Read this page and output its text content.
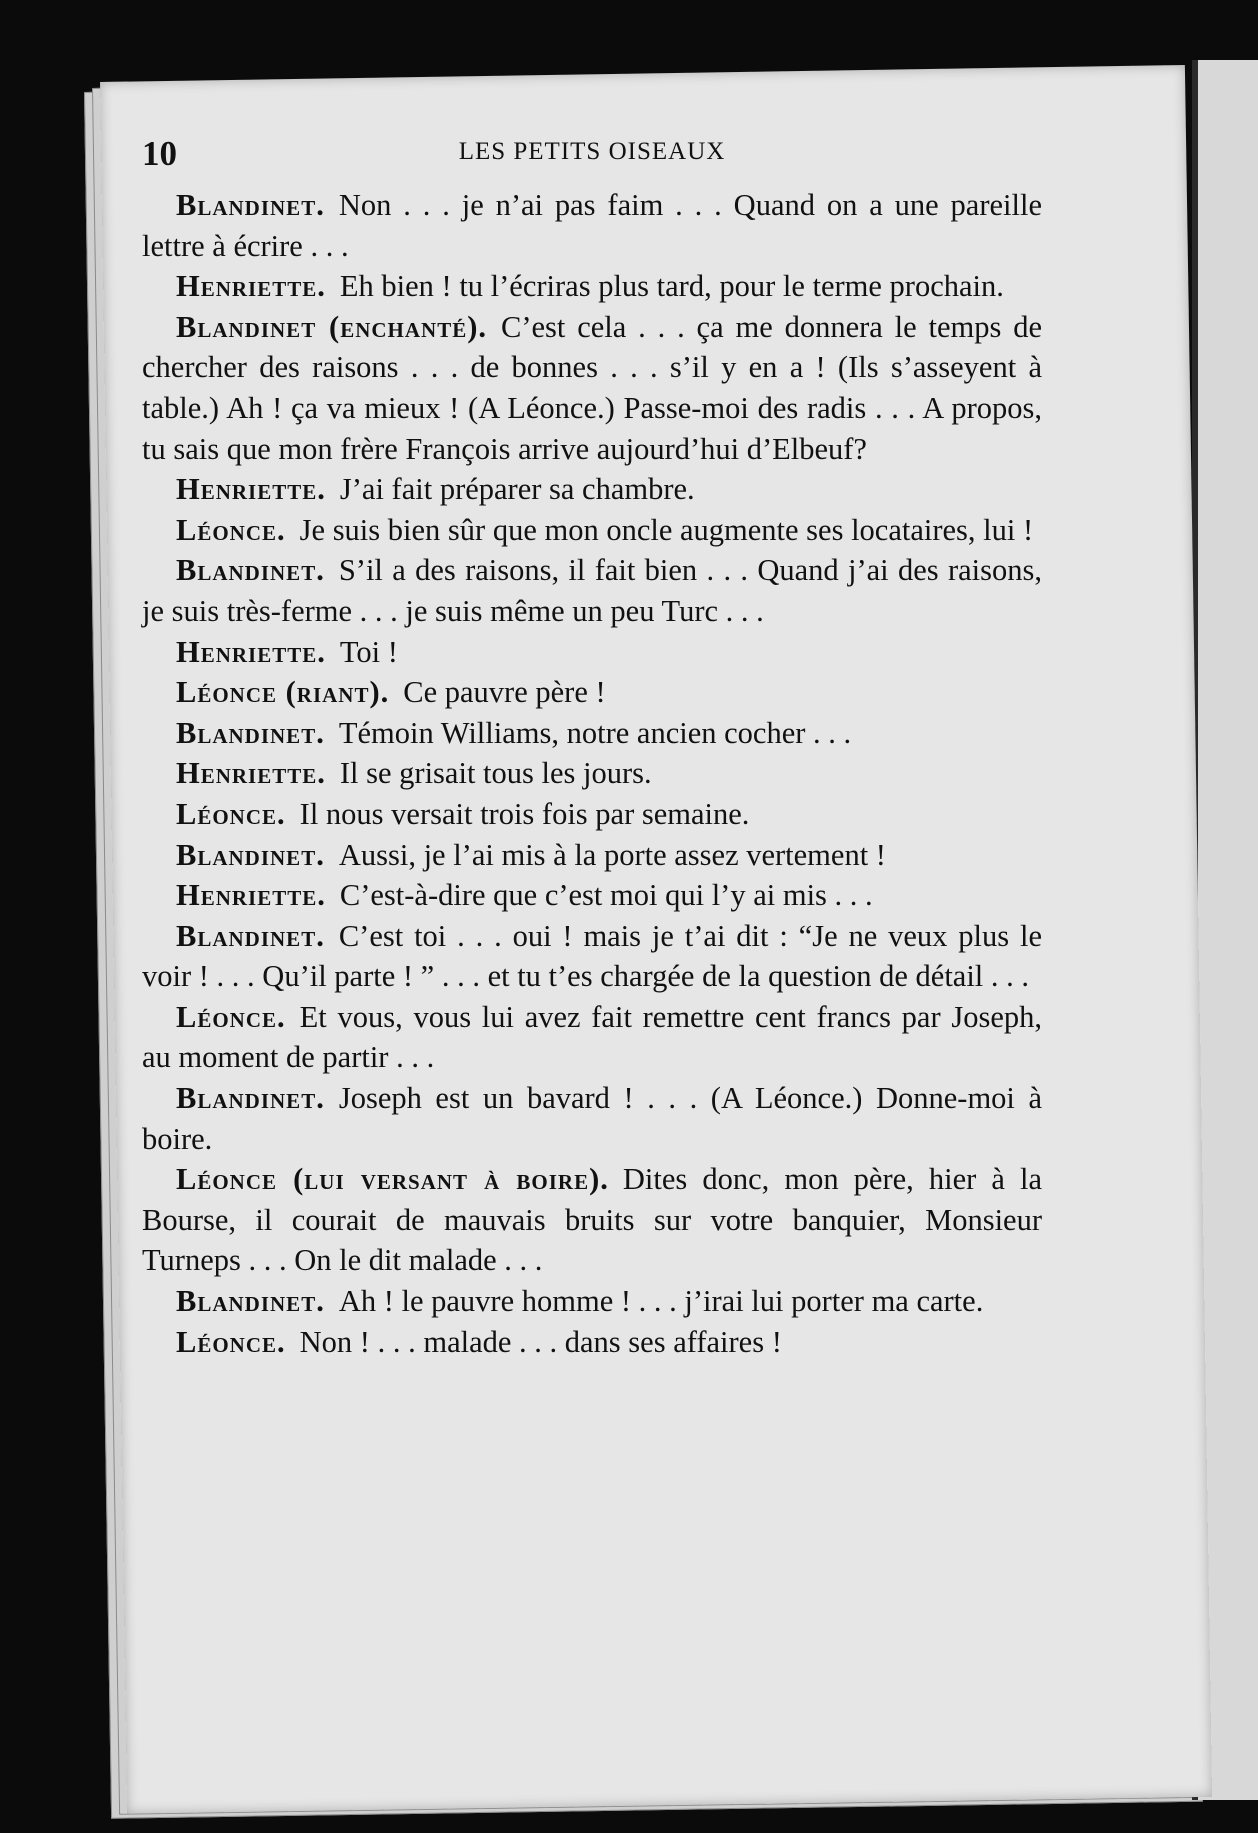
10	LES PETITS OISEAUX

Blandinet. Non . . . je n’ai pas faim . . . Quand on a une pareille lettre à écrire . . .

Henriette. Eh bien ! tu l’écriras plus tard, pour le terme prochain.

Blandinet (enchanté). C’est cela . . . ça me donnera le temps de chercher des raisons . . . de bonnes . . . s’il y en a ! (Ils s’asseyent à table.) Ah ! ça va mieux ! (A Léonce.) Passe-moi des radis . . . A propos, tu sais que mon frère François arrive aujourd’hui d’Elbeuf?

Henriette. J’ai fait préparer sa chambre.

Léonce. Je suis bien sûr que mon oncle augmente ses locataires, lui !

Blandinet. S’il a des raisons, il fait bien . . . Quand j’ai des raisons, je suis très-ferme . . . je suis même un peu Turc . . .

Henriette. Toi !

Léonce (riant). Ce pauvre père !

Blandinet. Témoin Williams, notre ancien cocher . . .

Henriette. Il se grisait tous les jours.

Léonce. Il nous versait trois fois par semaine.

Blandinet. Aussi, je l’ai mis à la porte assez vertement !

Henriette. C’est-à-dire que c’est moi qui l’y ai mis . . .

Blandinet. C’est toi . . . oui ! mais je t’ai dit : “Je ne veux plus le voir ! . . . Qu’il parte ! ” . . . et tu t’es chargée de la question de détail . . .

Léonce. Et vous, vous lui avez fait remettre cent francs par Joseph, au moment de partir . . .

Blandinet. Joseph est un bavard ! . . . (A Léonce.) Donne-moi à boire.

Léonce (lui versant à boire). Dites donc, mon père, hier à la Bourse, il courait de mauvais bruits sur votre banquier, Monsieur Turneps . . . On le dit malade . . .

Blandinet. Ah ! le pauvre homme ! . . . j’irai lui porter ma carte.

Léonce. Non ! . . . malade . . . dans ses affaires !
